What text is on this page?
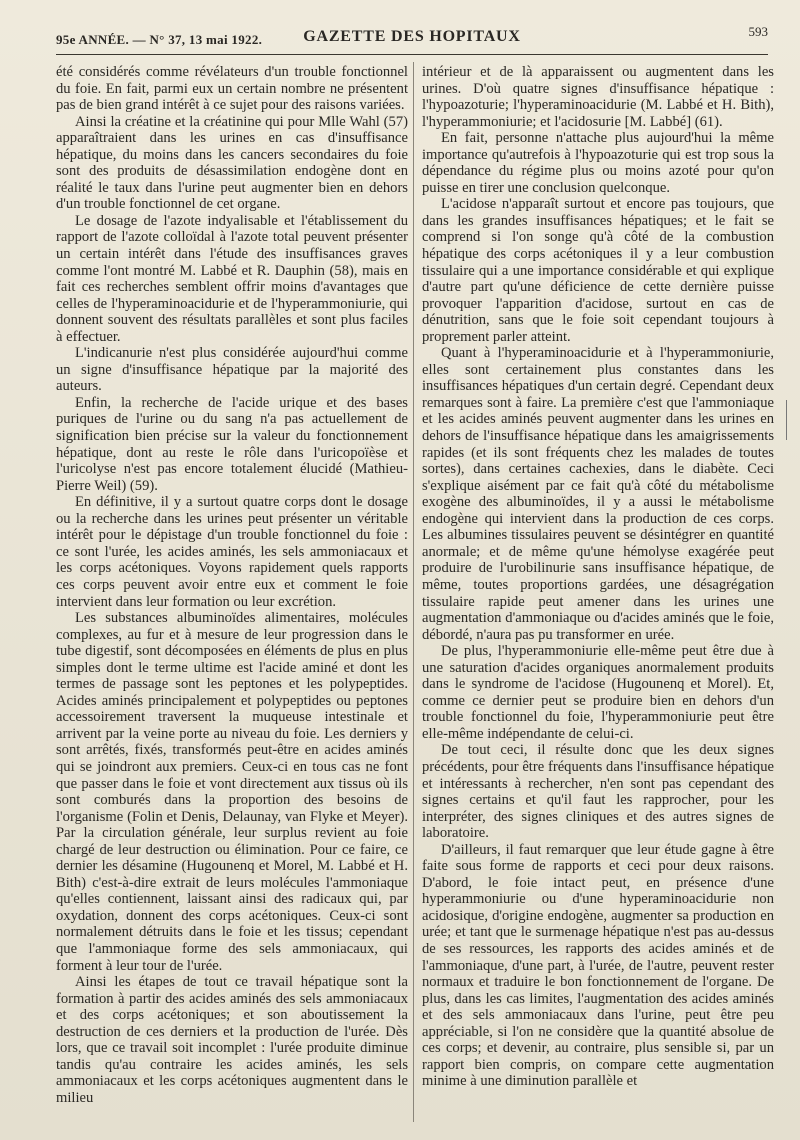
95e ANNÉE. — N° 37, 13 mai 1922.	GAZETTE DES HOPITAUX	593

été considérés comme révélateurs d'un trouble fonctionnel du foie. En fait, parmi eux un certain nombre ne présentent pas de bien grand intérêt à ce sujet pour des raisons variées.

Ainsi la créatine et la créatinine qui pour Mlle Wahl (57) apparaîtraient dans les urines en cas d'insuffisance hépatique, du moins dans les cancers secondaires du foie sont des produits de désassimilation endogène dont en réalité le taux dans l'urine peut augmenter bien en dehors d'un trouble fonctionnel de cet organe.

Le dosage de l'azote indyalisable et l'établissement du rapport de l'azote colloïdal à l'azote total peuvent présenter un certain intérêt dans l'étude des insuffisances graves comme l'ont montré M. Labbé et R. Dauphin (58), mais en fait ces recherches semblent offrir moins d'avantages que celles de l'hyperaminoacidurie et de l'hyperammoniurie, qui donnent souvent des résultats parallèles et sont plus faciles à effectuer.

L'indicanurie n'est plus considérée aujourd'hui comme un signe d'insuffisance hépatique par la majorité des auteurs.

Enfin, la recherche de l'acide urique et des bases puriques de l'urine ou du sang n'a pas actuellement de signification bien précise sur la valeur du fonctionnement hépatique, dont au reste le rôle dans l'uricopoïèse et l'uricolyse n'est pas encore totalement élucidé (Mathieu-Pierre Weil) (59).

En définitive, il y a surtout quatre corps dont le dosage ou la recherche dans les urines peut présenter un véritable intérêt pour le dépistage d'un trouble fonctionnel du foie : ce sont l'urée, les acides aminés, les sels ammoniacaux et les corps acétoniques. Voyons rapidement quels rapports ces corps peuvent avoir entre eux et comment le foie intervient dans leur formation ou leur excrétion.

Les substances albuminoïdes alimentaires, molécules complexes, au fur et à mesure de leur progression dans le tube digestif, sont décomposées en éléments de plus en plus simples dont le terme ultime est l'acide aminé et dont les termes de passage sont les peptones et les polypeptides. Acides aminés principalement et polypeptides ou peptones accessoirement traversent la muqueuse intestinale et arrivent par la veine porte au niveau du foie. Les derniers y sont arrêtés, fixés, transformés peut-être en acides aminés qui se joindront aux premiers. Ceux-ci en tous cas ne font que passer dans le foie et vont directement aux tissus où ils sont comburés dans la proportion des besoins de l'organisme (Folin et Denis, Delaunay, van Flyke et Meyer). Par la circulation générale, leur surplus revient au foie chargé de leur destruction ou élimination. Pour ce faire, ce dernier les désamine (Hugounenq et Morel, M. Labbé et H. Bith) c'est-à-dire extrait de leurs molécules l'ammoniaque qu'elles contiennent, laissant ainsi des radicaux qui, par oxydation, donnent des corps acétoniques. Ceux-ci sont normalement détruits dans le foie et les tissus; cependant que l'ammoniaque forme des sels ammoniacaux, qui forment à leur tour de l'urée.

Ainsi les étapes de tout ce travail hépatique sont la formation à partir des acides aminés des sels ammoniacaux et des corps acétoniques; et son aboutissement la destruction de ces derniers et la production de l'urée. Dès lors, que ce travail soit incomplet : l'urée produite diminue tandis qu'au contraire les acides aminés, les sels ammoniacaux et les corps acétoniques augmentent dans le milieu

intérieur et de là apparaissent ou augmentent dans les urines. D'où quatre signes d'insuffisance hépatique : l'hypoazoturie; l'hyperaminoacidurie (M. Labbé et H. Bith), l'hyperammoniurie; et l'acidosurie [M. Labbé] (61).

En fait, personne n'attache plus aujourd'hui la même importance qu'autrefois à l'hypoazoturie qui est trop sous la dépendance du régime plus ou moins azoté pour qu'on puisse en tirer une conclusion quelconque.

L'acidose n'apparaît surtout et encore pas toujours, que dans les grandes insuffisances hépatiques; et le fait se comprend si l'on songe qu'à côté de la combustion hépatique des corps acétoniques il y a leur combustion tissulaire qui a une importance considérable et qui explique d'autre part qu'une déficience de cette dernière puisse provoquer l'apparition d'acidose, surtout en cas de dénutrition, sans que le foie soit cependant toujours à proprement parler atteint.

Quant à l'hyperaminoacidurie et à l'hyperammoniurie, elles sont certainement plus constantes dans les insuffisances hépatiques d'un certain degré. Cependant deux remarques sont à faire. La première c'est que l'ammoniaque et les acides aminés peuvent augmenter dans les urines en dehors de l'insuffisance hépatique dans les amaigrissements rapides (et ils sont fréquents chez les malades de toutes sortes), dans certaines cachexies, dans le diabète. Ceci s'explique aisément par ce fait qu'à côté du métabolisme exogène des albuminoïdes, il y a aussi le métabolisme endogène qui intervient dans la production de ces corps. Les albumines tissulaires peuvent se désintégrer en quantité anormale; et de même qu'une hémolyse exagérée peut produire de l'urobilinurie sans insuffisance hépatique, de même, toutes proportions gardées, une désagrégation tissulaire rapide peut amener dans les urines une augmentation d'ammoniaque ou d'acides aminés que le foie, débordé, n'aura pas pu transformer en urée.

De plus, l'hyperammoniurie elle-même peut être due à une saturation d'acides organiques anormalement produits dans le syndrome de l'acidose (Hugounenq et Morel). Et, comme ce dernier peut se produire bien en dehors d'un trouble fonctionnel du foie, l'hyperammoniurie peut être elle-même indépendante de celui-ci.

De tout ceci, il résulte donc que les deux signes précédents, pour être fréquents dans l'insuffisance hépatique et intéressants à rechercher, n'en sont pas cependant des signes certains et qu'il faut les rapprocher, pour les interpréter, des signes cliniques et des autres signes de laboratoire.

D'ailleurs, il faut remarquer que leur étude gagne à être faite sous forme de rapports et ceci pour deux raisons. D'abord, le foie intact peut, en présence d'une hyperammoniurie ou d'une hyperaminoacidurie non acidosique, d'origine endogène, augmenter sa production en urée; et tant que le surmenage hépatique n'est pas au-dessus de ses ressources, les rapports des acides aminés et de l'ammoniaque, d'une part, à l'urée, de l'autre, peuvent rester normaux et traduire le bon fonctionnement de l'organe. De plus, dans les cas limites, l'augmentation des acides aminés et des sels ammoniacaux dans l'urine, peut être peu appréciable, si l'on ne considère que la quantité absolue de ces corps; et devenir, au contraire, plus sensible si, par un rapport bien compris, on compare cette augmentation minime à une diminution parallèle et
